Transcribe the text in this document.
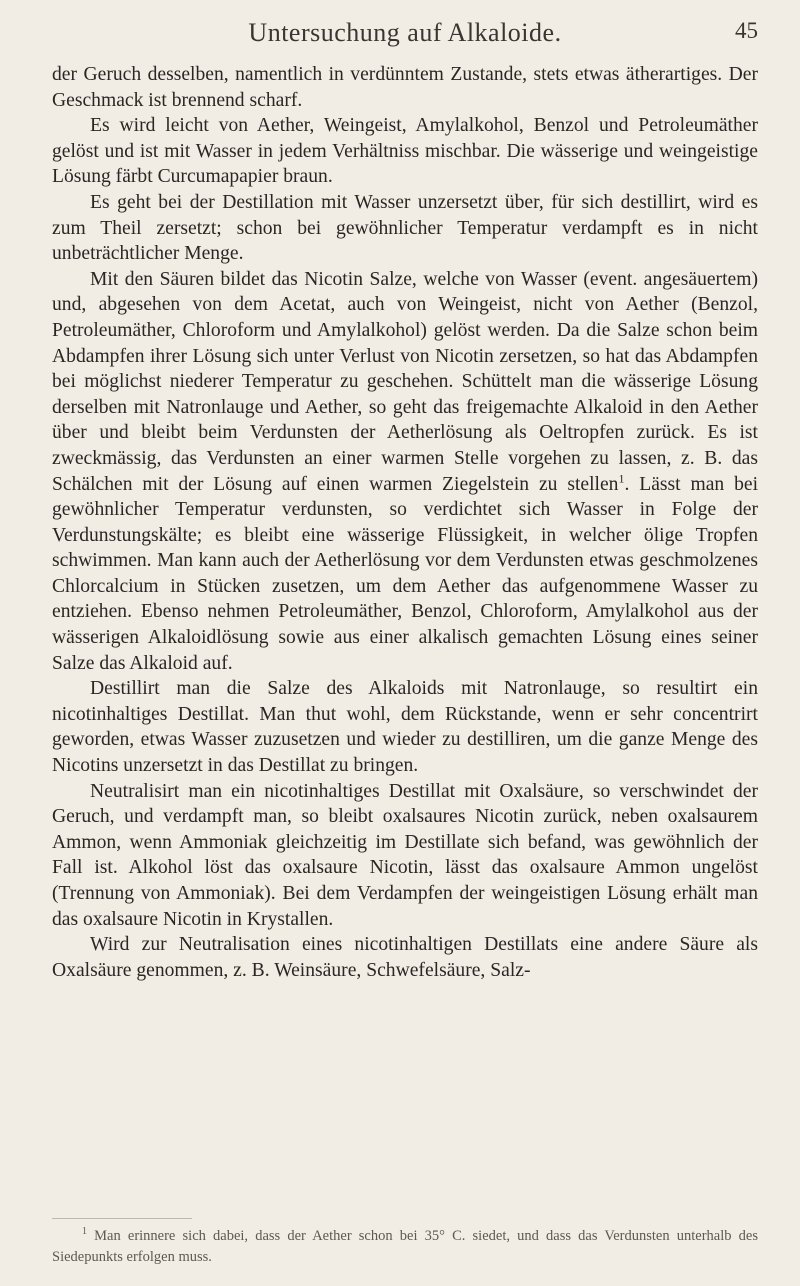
Untersuchung auf Alkaloide.	45

der Geruch desselben, namentlich in verdünntem Zustande, stets etwas ätherartiges. Der Geschmack ist brennend scharf.

Es wird leicht von Aether, Weingeist, Amylalkohol, Benzol und Petroleumäther gelöst und ist mit Wasser in jedem Verhältniss mischbar. Die wässerige und weingeistige Lösung färbt Curcumapapier braun.

Es geht bei der Destillation mit Wasser unzersetzt über, für sich destillirt, wird es zum Theil zersetzt; schon bei gewöhnlicher Temperatur verdampft es in nicht unbeträchtlicher Menge.

Mit den Säuren bildet das Nicotin Salze, welche von Wasser (event. angesäuertem) und, abgesehen von dem Acetat, auch von Weingeist, nicht von Aether (Benzol, Petroleumäther, Chloroform und Amylalkohol) gelöst werden. Da die Salze schon beim Abdampfen ihrer Lösung sich unter Verlust von Nicotin zersetzen, so hat das Abdampfen bei möglichst niederer Temperatur zu geschehen. Schüttelt man die wässerige Lösung derselben mit Natronlauge und Aether, so geht das freigemachte Alkaloid in den Aether über und bleibt beim Verdunsten der Aetherlösung als Oeltropfen zurück. Es ist zweckmässig, das Verdunsten an einer warmen Stelle vorgehen zu lassen, z. B. das Schälchen mit der Lösung auf einen warmen Ziegelstein zu stellen$^1$. Lässt man bei gewöhnlicher Temperatur verdunsten, so verdichtet sich Wasser in Folge der Verdunstungskälte; es bleibt eine wässerige Flüssigkeit, in welcher ölige Tropfen schwimmen. Man kann auch der Aetherlösung vor dem Verdunsten etwas geschmolzenes Chlorcalcium in Stücken zusetzen, um dem Aether das aufgenommene Wasser zu entziehen. Ebenso nehmen Petroleumäther, Benzol, Chloroform, Amylalkohol aus der wässerigen Alkaloidlösung sowie aus einer alkalisch gemachten Lösung eines seiner Salze das Alkaloid auf.

Destillirt man die Salze des Alkaloids mit Natronlauge, so resultirt ein nicotinhaltiges Destillat. Man thut wohl, dem Rückstande, wenn er sehr concentrirt geworden, etwas Wasser zuzusetzen und wieder zu destilliren, um die ganze Menge des Nicotins unzersetzt in das Destillat zu bringen.

Neutralisirt man ein nicotinhaltiges Destillat mit Oxalsäure, so verschwindet der Geruch, und verdampft man, so bleibt oxalsaures Nicotin zurück, neben oxalsaurem Ammon, wenn Ammoniak gleichzeitig im Destillate sich befand, was gewöhnlich der Fall ist. Alkohol löst das oxalsaure Nicotin, lässt das oxalsaure Ammon ungelöst (Trennung von Ammoniak). Bei dem Verdampfen der weingeistigen Lösung erhält man das oxalsaure Nicotin in Krystallen.

Wird zur Neutralisation eines nicotinhaltigen Destillats eine andere Säure als Oxalsäure genommen, z. B. Weinsäure, Schwefelsäure, Salz-

$^1$ Man erinnere sich dabei, dass der Aether schon bei 35° C. siedet, und dass das Verdunsten unterhalb des Siedepunkts erfolgen muss.
